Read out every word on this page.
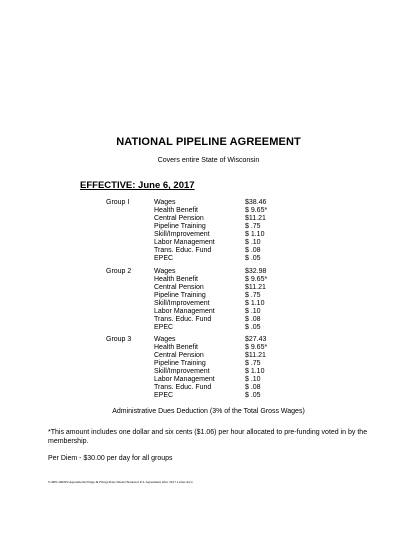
NATIONAL PIPELINE AGREEMENT
Covers entire State of Wisconsin
EFFECTIVE: June 6, 2017
Group I	Wages	$38.46
Health Benefit	$ 9.65*
Central Pension	$11.21
Pipeline Training	$ .75
Skill/Improvement	$ 1.10
Labor Management	$ .10
Trans. Educ. Fund	$ .08
EPEC	$ .05
Group 2	Wages	$32.98
Health Benefit	$ 9.65*
Central Pension	$11.21
Pipeline Training	$ .75
Skill/Improvement	$ 1.10
Labor Management	$ .10
Trans. Educ. Fund	$ .08
EPEC	$ .05
Group 3	Wages	$27.43
Health Benefit	$ 9.65*
Central Pension	$11.21
Pipeline Training	$ .75
Skill/Improvement	$ 1.10
Labor Management	$ .10
Trans. Educ. Fund	$ .08
EPEC	$ .05
Administrative Dues Deduction (3% of the Total Gross Wages)
*This amount includes one dollar and six cents ($1.06) per hour allocated to pre-funding voted in by the membership.
Per Diem - $30.00 per day for all groups
S:\RECORDS\Agreements\Wage & Fringe Rate Sheets\National P-L Agreement after 2017 Letter.docx
